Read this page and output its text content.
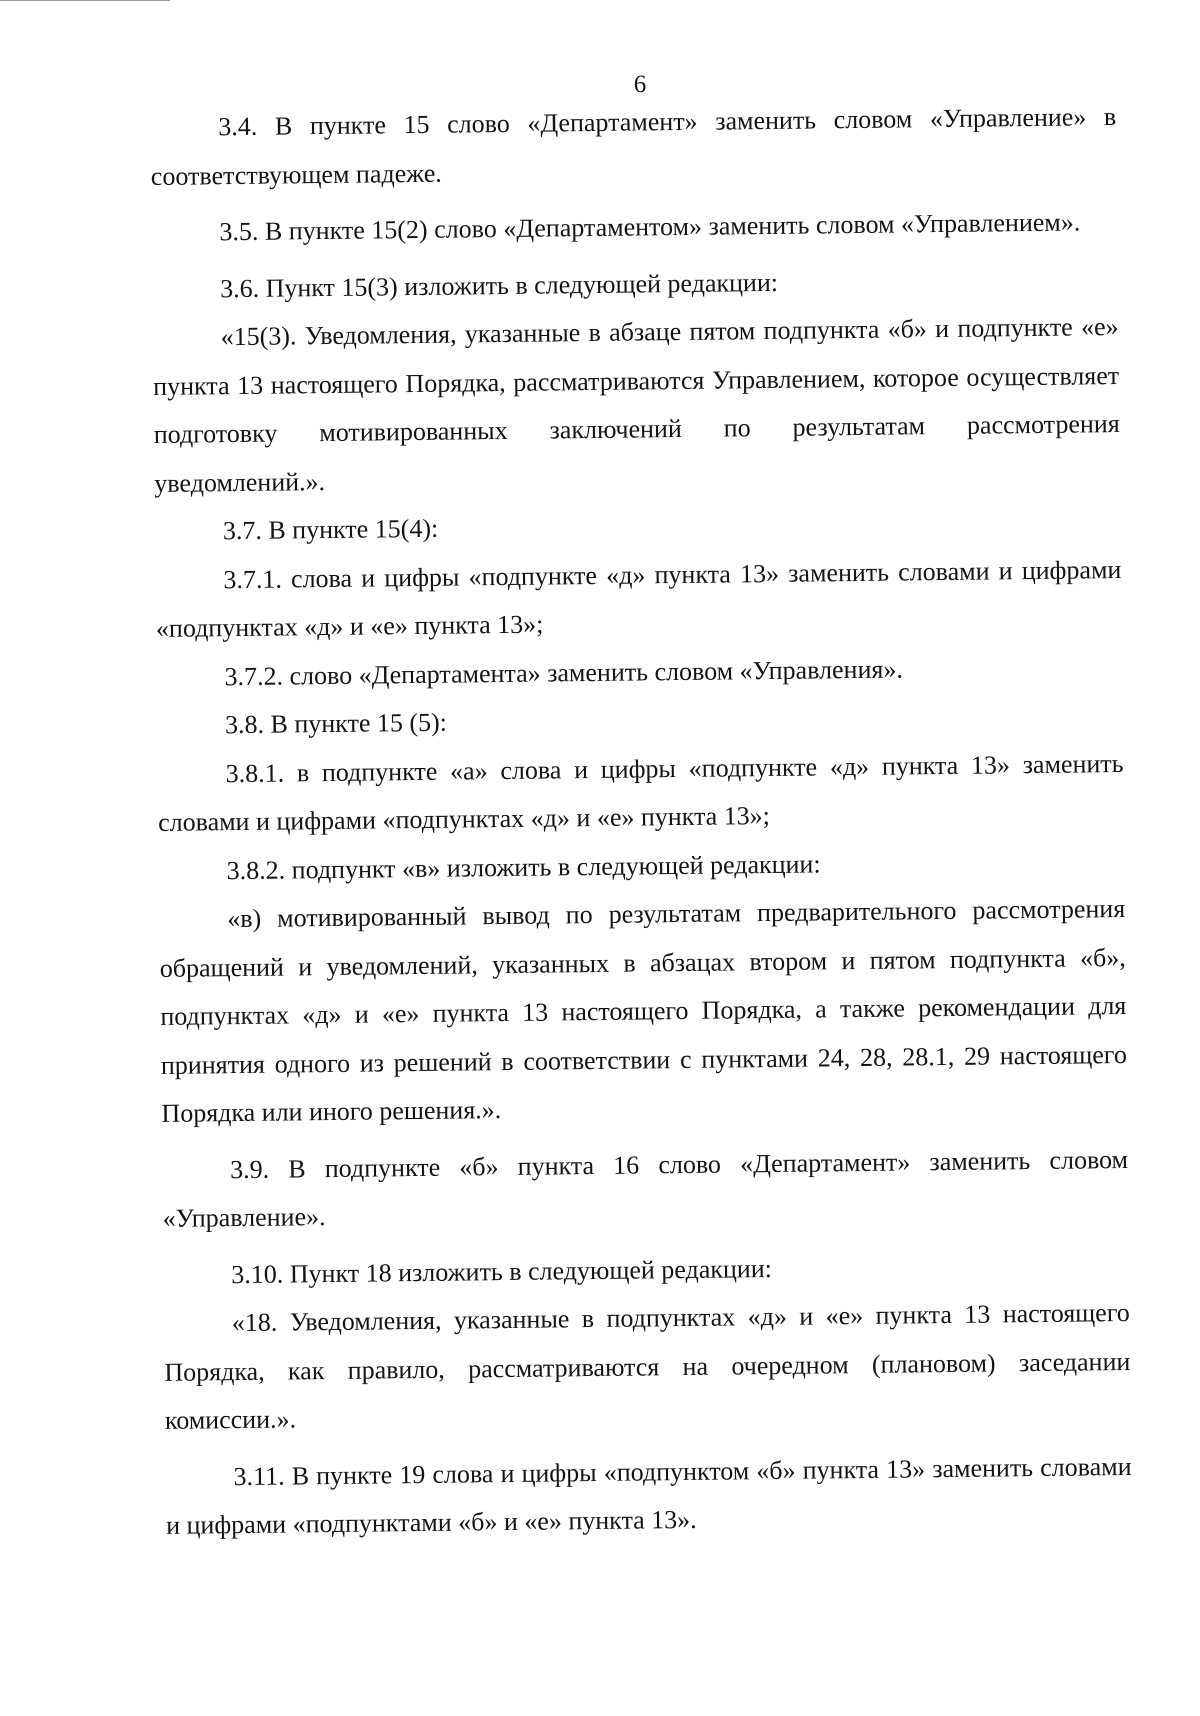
6

3.4. В пункте 15 слово «Департамент» заменить словом «Управление» в соответствующем падеже.

3.5. В пункте 15(2) слово «Департаментом» заменить словом «Управлением».

3.6. Пункт 15(3) изложить в следующей редакции:

«15(3). Уведомления, указанные в абзаце пятом подпункта «б» и подпункте «е» пункта 13 настоящего Порядка, рассматриваются Управлением, которое осуществляет подготовку мотивированных заключений по результатам рассмотрения уведомлений.».

3.7. В пункте 15(4):

3.7.1. слова и цифры «подпункте «д» пункта 13» заменить словами и цифрами «подпунктах «д» и «е» пункта 13»;

3.7.2. слово «Департамента» заменить словом «Управления».

3.8. В пункте 15 (5):

3.8.1. в подпункте «а» слова и цифры «подпункте «д» пункта 13» заменить словами и цифрами «подпунктах «д» и «е» пункта 13»;

3.8.2. подпункт «в» изложить в следующей редакции:

«в) мотивированный вывод по результатам предварительного рассмотрения обращений и уведомлений, указанных в абзацах втором и пятом подпункта «б», подпунктах «д» и «е» пункта 13 настоящего Порядка, а также рекомендации для принятия одного из решений в соответствии с пунктами 24, 28, 28.1, 29 настоящего Порядка или иного решения.».

3.9. В подпункте «б» пункта 16 слово «Департамент» заменить словом «Управление».

3.10. Пункт 18 изложить в следующей редакции:

«18. Уведомления, указанные в подпунктах «д» и «е» пункта 13 настоящего Порядка, как правило, рассматриваются на очередном (плановом) заседании комиссии.».

3.11. В пункте 19 слова и цифры «подпунктом «б» пункта 13» заменить словами и цифрами «подпунктами «б» и «е» пункта 13».
